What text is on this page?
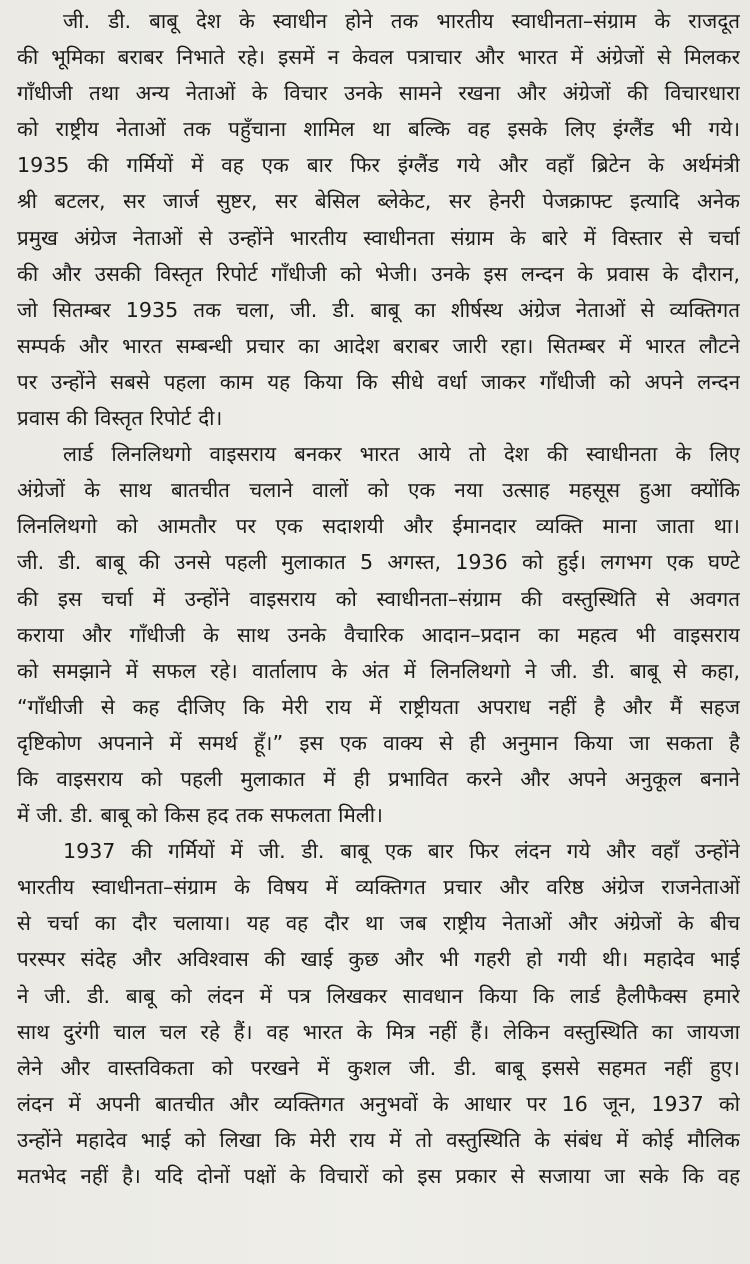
जी. डी. बाबू देश के स्वाधीन होने तक भारतीय स्वाधीनता–संग्राम के राजदूत
की भूमिका बराबर निभाते रहे। इसमें न केवल पत्राचार और भारत में अंग्रेजों से मिलकर
गाँधीजी तथा अन्य नेताओं के विचार उनके सामने रखना और अंग्रेजों की विचारधारा
को राष्ट्रीय नेताओं तक पहुँचाना शामिल था बल्कि वह इसके लिए इंग्लैंड भी गये।
1935 की गर्मियों में वह एक बार फिर इंग्लैंड गये और वहाँ ब्रिटेन के अर्थमंत्री
श्री बटलर, सर जार्ज सुष्टर, सर बेसिल ब्लेकेट, सर हेनरी पेजक्राफ्ट इत्यादि अनेक
प्रमुख अंग्रेज नेताओं से उन्होंने भारतीय स्वाधीनता संग्राम के बारे में विस्तार से चर्चा
की और उसकी विस्तृत रिपोर्ट गाँधीजी को भेजी। उनके इस लन्दन के प्रवास के दौरान,
जो सितम्बर 1935 तक चला, जी. डी. बाबू का शीर्षस्थ अंग्रेज नेताओं से व्यक्तिगत
सम्पर्क और भारत सम्बन्धी प्रचार का आदेश बराबर जारी रहा। सितम्बर में भारत लौटने
पर उन्होंने सबसे पहला काम यह किया कि सीधे वर्धा जाकर गाँधीजी को अपने लन्दन
प्रवास की विस्तृत रिपोर्ट दी।
लार्ड लिनलिथगो वाइसराय बनकर भारत आये तो देश की स्वाधीनता के लिए
अंग्रेजों के साथ बातचीत चलाने वालों को एक नया उत्साह महसूस हुआ क्योंकि
लिनलिथगो को आमतौर पर एक सदाशयी और ईमानदार व्यक्ति माना जाता था।
जी. डी. बाबू की उनसे पहली मुलाकात 5 अगस्त, 1936 को हुई। लगभग एक घण्टे
की इस चर्चा में उन्होंने वाइसराय को स्वाधीनता–संग्राम की वस्तुस्थिति से अवगत
कराया और गाँधीजी के साथ उनके वैचारिक आदान–प्रदान का महत्व भी वाइसराय
को समझाने में सफल रहे। वार्तालाप के अंत में लिनलिथगो ने जी. डी. बाबू से कहा,
“गाँधीजी से कह दीजिए कि मेरी राय में राष्ट्रीयता अपराध नहीं है और मैं सहज
दृष्टिकोण अपनाने में समर्थ हूँ।” इस एक वाक्य से ही अनुमान किया जा सकता है
कि वाइसराय को पहली मुलाकात में ही प्रभावित करने और अपने अनुकूल बनाने
में जी. डी. बाबू को किस हद तक सफलता मिली।
1937 की गर्मियों में जी. डी. बाबू एक बार फिर लंदन गये और वहाँ उन्होंने
भारतीय स्वाधीनता–संग्राम के विषय में व्यक्तिगत प्रचार और वरिष्ठ अंग्रेज राजनेताओं
से चर्चा का दौर चलाया। यह वह दौर था जब राष्ट्रीय नेताओं और अंग्रेजों के बीच
परस्पर संदेह और अविश्वास की खाई कुछ और भी गहरी हो गयी थी। महादेव भाई
ने जी. डी. बाबू को लंदन में पत्र लिखकर सावधान किया कि लार्ड हैलीफैक्स हमारे
साथ दुरंगी चाल चल रहे हैं। वह भारत के मित्र नहीं हैं। लेकिन वस्तुस्थिति का जायजा
लेने और वास्तविकता को परखने में कुशल जी. डी. बाबू इससे सहमत नहीं हुए।
लंदन में अपनी बातचीत और व्यक्तिगत अनुभवों के आधार पर 16 जून, 1937 को
उन्होंने महादेव भाई को लिखा कि मेरी राय में तो वस्तुस्थिति के संबंध में कोई मौलिक
मतभेद नहीं है। यदि दोनों पक्षों के विचारों को इस प्रकार से सजाया जा सके कि वह
